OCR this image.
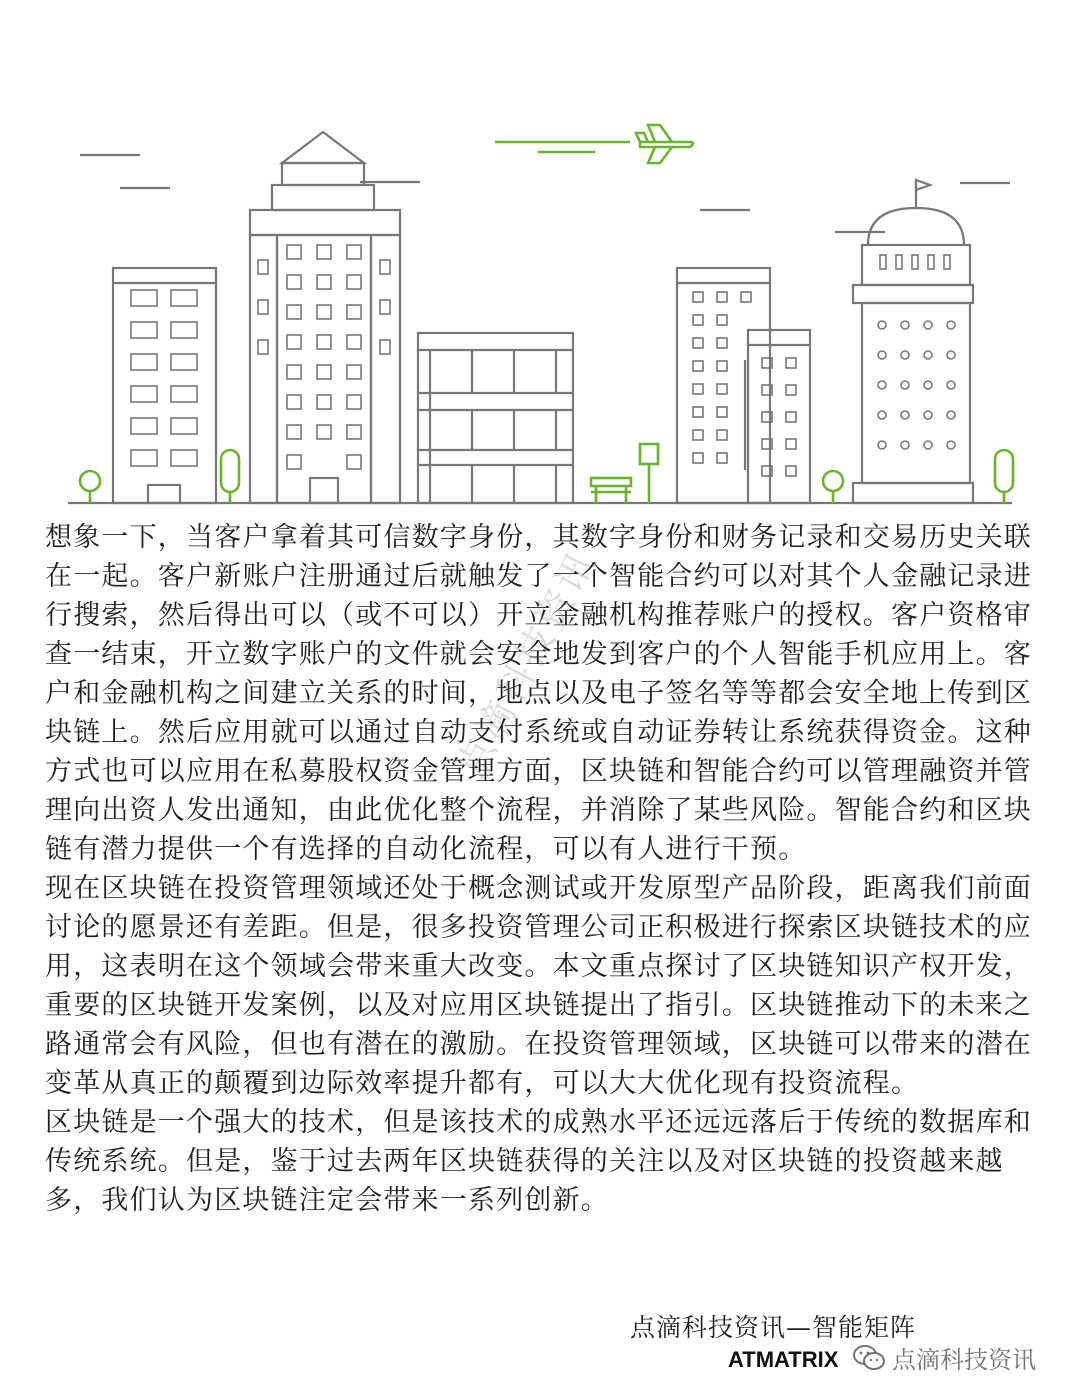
想象一下，当客户拿着其可信数字身份，其数字身份和财务记录和交易历史关联在一起。客户新账户注册通过后就触发了一个智能合约可以对其个人金融记录进行搜索，然后得出可以（或不可以）开立金融机构推荐账户的授权。客户资格审查一结束，开立数字账户的文件就会安全地发到客户的个人智能手机应用上。客户和金融机构之间建立关系的时间，地点以及电子签名等等都会安全地上传到区块链上。然后应用就可以通过自动支付系统或自动证券转让系统获得资金。这种方式也可以应用在私募股权资金管理方面，区块链和智能合约可以管理融资并管理向出资人发出通知，由此优化整个流程，并消除了某些风险。智能合约和区块链有潜力提供一个有选择的自动化流程，可以有人进行干预。

现在区块链在投资管理领域还处于概念测试或开发原型产品阶段，距离我们前面讨论的愿景还有差距。但是，很多投资管理公司正积极进行探索区块链技术的应用，这表明在这个领域会带来重大改变。本文重点探讨了区块链知识产权开发，重要的区块链开发案例，以及对应用区块链提出了指引。区块链推动下的未来之路通常会有风险，但也有潜在的激励。在投资管理领域，区块链可以带来的潜在变革从真正的颠覆到边际效率提升都有，可以大大优化现有投资流程。

区块链是一个强大的技术，但是该技术的成熟水平还远远落后于传统的数据库和传统系统。但是，鉴于过去两年区块链获得的关注以及对区块链的投资越来越多，我们认为区块链注定会带来一系列创新。

点滴科技资讯
点滴科技资讯—智能矩阵
ATMATRIX 点滴科技资讯
